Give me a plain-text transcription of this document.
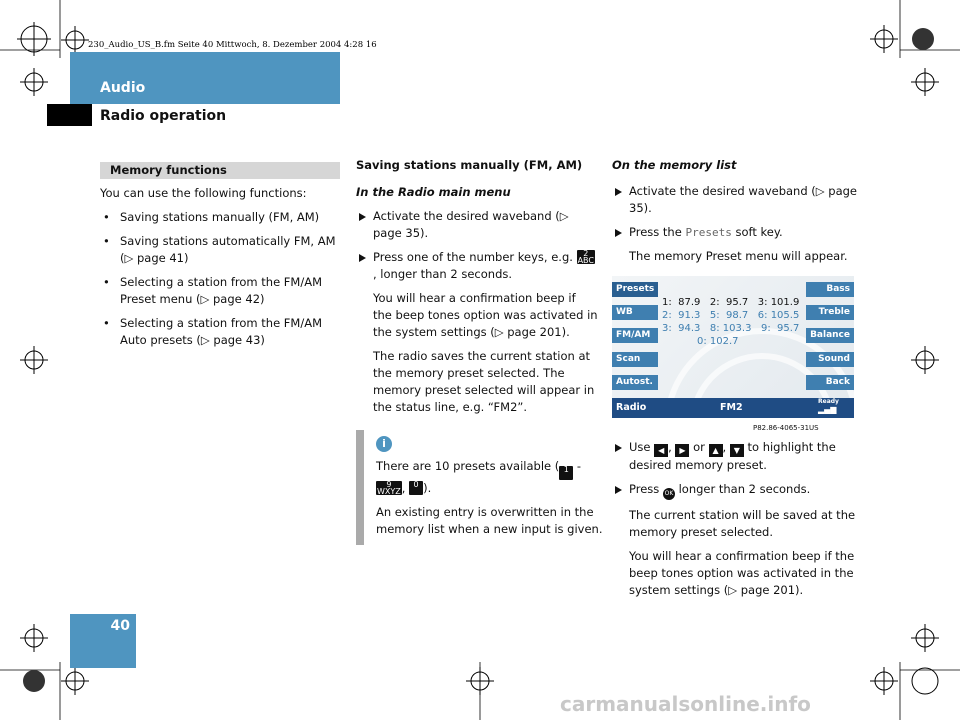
230_Audio_US_B.fm Seite 40 Mittwoch, 8. Dezember 2004 4:28 16
Audio
Radio operation
Memory functions

You can use the following functions:

• Saving stations manually (FM, AM)
• Saving stations automatically FM, AM (▷ page 41)
• Selecting a station from the FM/AM Preset menu (▷ page 42)
• Selecting a station from the FM/AM Auto presets (▷ page 43)

Saving stations manually (FM, AM)

In the Radio main menu

Activate the desired waveband (▷ page 35).
Press one of the number keys, e.g. 2
ABC, longer than 2 seconds.

You will hear a confirmation beep if the beep tones option was activated in the system settings (▷ page 201).

The radio saves the current station at the memory preset selected. The memory preset selected will appear in the status line, e.g. “FM2”.

i

There are 10 presets available ( 1 -
9
WXYZ, 0
_ ).

An existing entry is overwritten in the memory list when a new input is given.

On the memory list

Activate the desired waveband (▷ page 35).
Press the Presets soft key.

The memory Preset menu will appear.

Presets
WB
FM/AM
Scan
Autost.
Bass
Treble
Balance
Sound
Back
1:  87.9   2:  95.7   3: 101.9
2:  91.3   5:  98.7   6: 105.5
3:  94.3   8: 103.3   9:  95.7
0: 102.7
Radio	FM2
Ready
▂▄▆
P82.86-4065-31US
Use ◀ , ▶ or ▲ , ▼ to highlight the desired memory preset.
Press OK longer than 2 seconds.

The current station will be saved at the memory preset selected.

You will hear a confirmation beep if the beep tones option was activated in the system settings (▷ page 201).

40
carmanualsonline.info
